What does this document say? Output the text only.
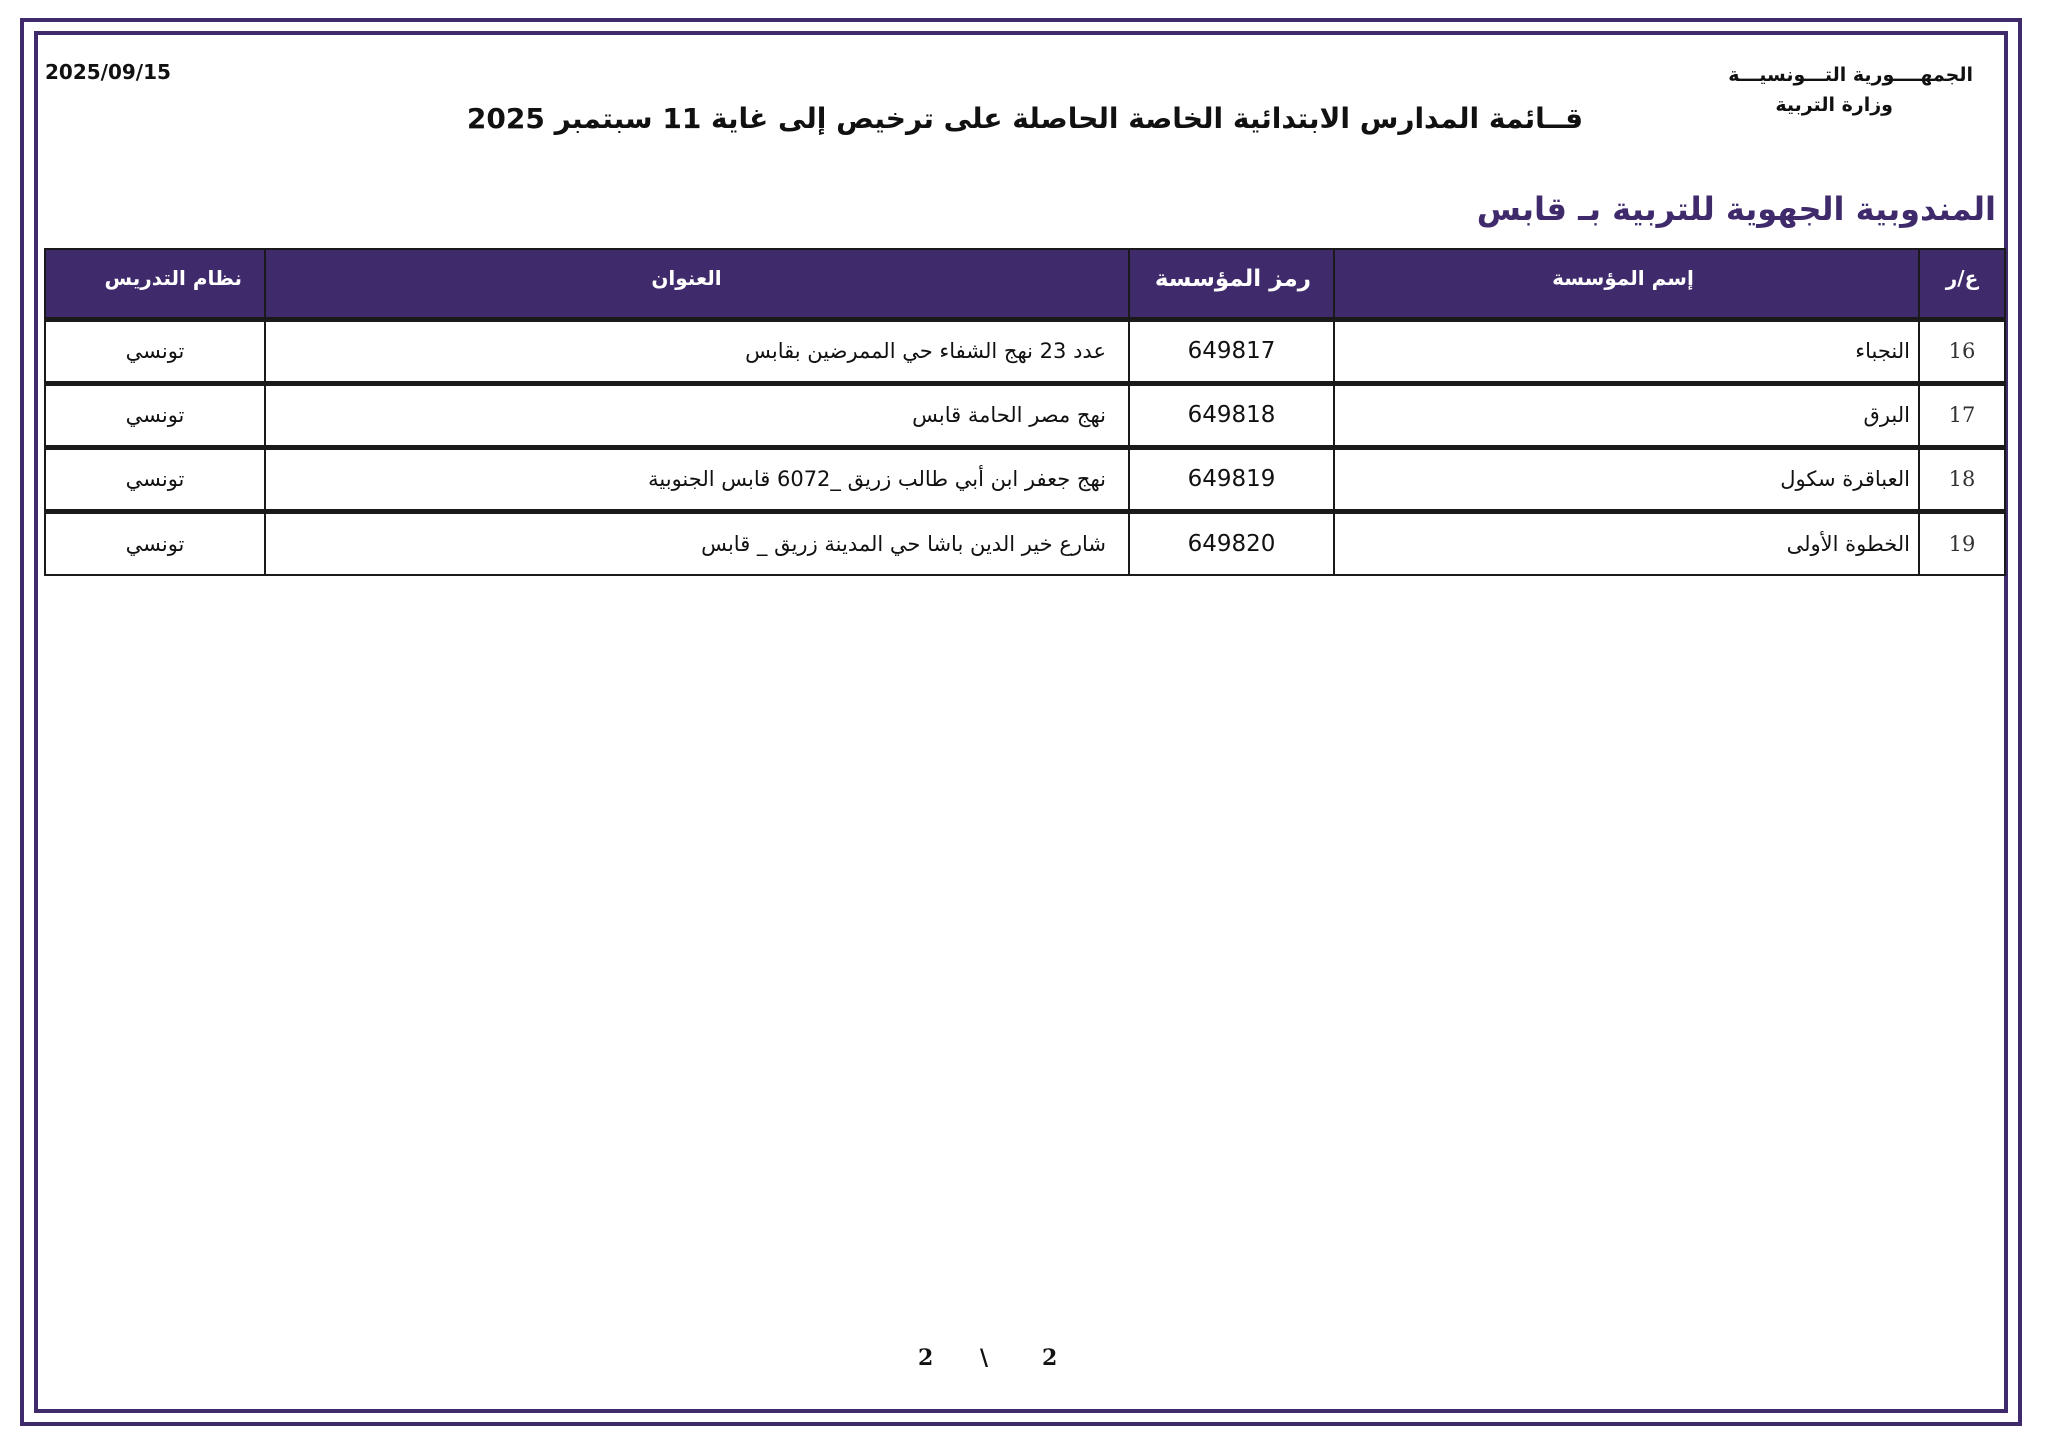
الجمهــــورية التـــونسيـــة
وزارة التربية
2025/09/15
قــائمة المدارس الابتدائية الخاصة الحاصلة على ترخيص إلى غاية 11 سبتمبر 2025
المندوبية الجهوية للتربية بـ قابس
ع/ر	إسم المؤسسة	رمز المؤسسة	العنوان	نظام التدريس
16	النجباء	649817	عدد 23 نهج الشفاء حي الممرضين بقابس	تونسي
17	البرق	649818	نهج مصر الحامة قابس	تونسي
18	العباقرة سكول	649819	نهج جعفر ابن أبي طالب زريق _6072 قابس الجنوبية	تونسي
19	الخطوة الأولى	649820	شارع خير الدين باشا حي المدينة زريق _ قابس	تونسي
2 \ 2
